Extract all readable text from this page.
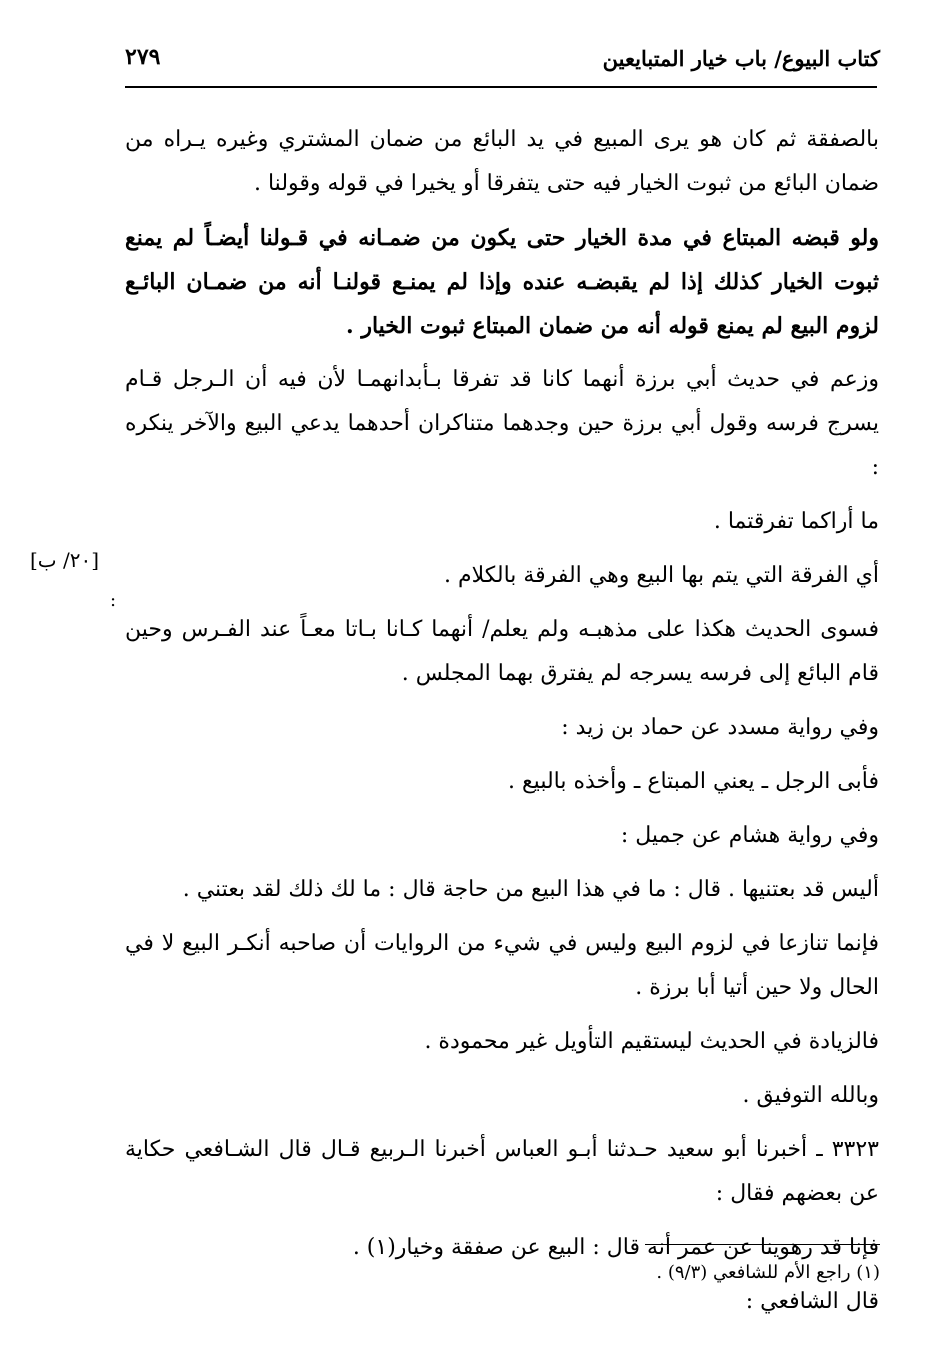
كتاب البيوع/ باب خيار المتبايعين
٢٧٩

بالصفقة ثم كان هو يرى المبيع في يد البائع من ضمان المشتري وغيره يـراه من ضمان البائع من ثبوت الخيار فيه حتى يتفرقا أو يخيرا في قوله وقولنا .

ولو قبضه المبتاع في مدة الخيار حتى يكون من ضمـانه في قـولنا أيضـاً لم يمنع ثبوت الخيار كذلك إذا لم يقبضـه عنده وإذا لم يمنـع قولنـا أنه من ضمـان البائـع لزوم البيع لم يمنع قوله أنه من ضمان المبتاع ثبوت الخيار .

وزعم في حديث أبي برزة أنهما كانا قد تفرقا بـأبدانهمـا لأن فيه أن الـرجل قـام يسرج فرسه وقول أبي برزة حين وجدهما متناكران أحدهما يدعي البيع والآخر ينكره :

ما أراكما تفرقتما .

أي الفرقة التي يتم بها البيع وهي الفرقة بالكلام .

فسوى الحديث هكذا على مذهبـه ولم يعلم/ أنهما كـانا بـاتا معـاً عند الفـرس وحين قام البائع إلى فرسه يسرجه لم يفترق بهما المجلس .

وفي رواية مسدد عن حماد بن زيد :

فأبى الرجل ـ يعني المبتاع ـ وأخذه بالبيع .

وفي رواية هشام عن جميل :

أليس قد بعتنيها . قال : ما في هذا البيع من حاجة قال : ما لك ذلك لقد بعتني .

فإنما تنازعا في لزوم البيع وليس في شيء من الروايات أن صاحبه أنكـر البيع لا في الحال ولا حين أتيا أبا برزة .

فالزيادة في الحديث ليستقيم التأويل غير محمودة .

وبالله التوفيق .

٣٣٢٣ ـ أخبرنا أبو سعيد حـدثنا أبـو العباس أخبرنا الـربيع قـال قال الشـافعي حكاية عن بعضهم فقال :

فإنا قد رهوينا عن عمر أنه قال : البيع عن صفقة وخيار(١) .

قال الشافعي :

[٢٠/ ب]
:
(١) راجع الأم للشافعي (٩/٣) .
